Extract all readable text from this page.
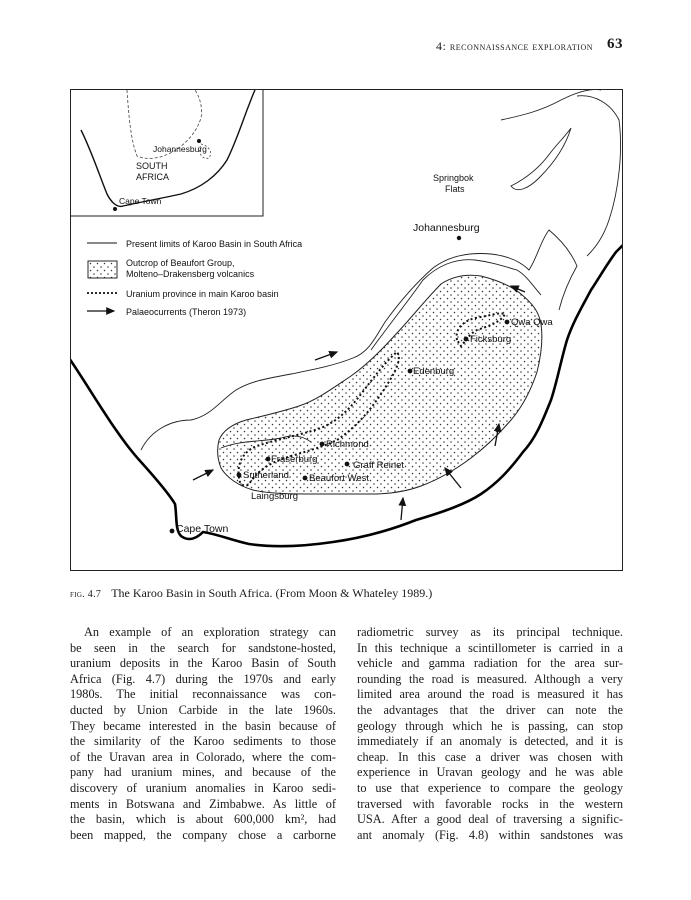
4: reconnaissance exploration 63
Johannesburg
SOUTH
AFRICA
Cape Town
Present limits of Karoo Basin in South Africa
Outcrop of Beaufort Group,
Molteno–Drakensberg volcanics
Uranium province in main Karoo basin
Palaeocurrents (Theron 1973)
Springbok
Flats
Johannesburg
Qwa Qwa
Ficksburg
Edenburg
Richmond
Fraserburg
Graff Reinet
Sutherland Beaufort West
Laingsburg
Cape Town
fig. 4.7 The Karoo Basin in South Africa. (From Moon & Whateley 1989.)
An example of an exploration strategy can
be seen in the search for sandstone-hosted,
uranium deposits in the Karoo Basin of South
Africa (Fig. 4.7) during the 1970s and early
1980s. The initial reconnaissance was con-
ducted by Union Carbide in the late 1960s.
They became interested in the basin because of
the similarity of the Karoo sediments to those
of the Uravan area in Colorado, where the com-
pany had uranium mines, and because of the
discovery of uranium anomalies in Karoo sedi-
ments in Botswana and Zimbabwe. As little of
the basin, which is about 600,000 km², had
been mapped, the company chose a carborne
radiometric survey as its principal technique.
In this technique a scintillometer is carried in a
vehicle and gamma radiation for the area sur-
rounding the road is measured. Although a very
limited area around the road is measured it has
the advantages that the driver can note the
geology through which he is passing, can stop
immediately if an anomaly is detected, and it is
cheap. In this case a driver was chosen with
experience in Uravan geology and he was able
to use that experience to compare the geology
traversed with favorable rocks in the western
USA. After a good deal of traversing a signific-
ant anomaly (Fig. 4.8) within sandstones was
